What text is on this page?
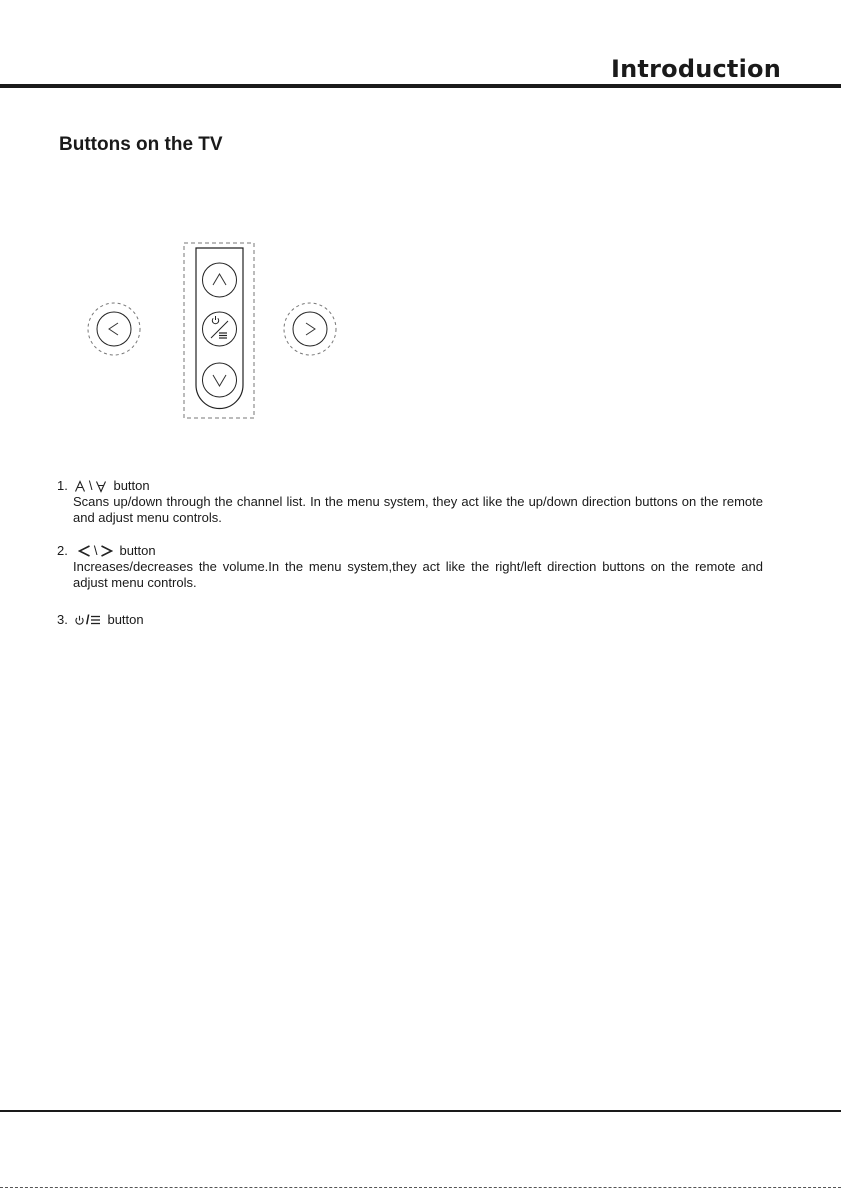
Introduction
Buttons on the TV
1. \ button
Scans up/down through the channel list. In the menu system, they act like the up/down direction buttons on the remote and adjust menu controls.
2. \ button
Increases/decreases the volume.In the menu system,they act like the right/left direction buttons on the remote and adjust menu controls.
3. / button
